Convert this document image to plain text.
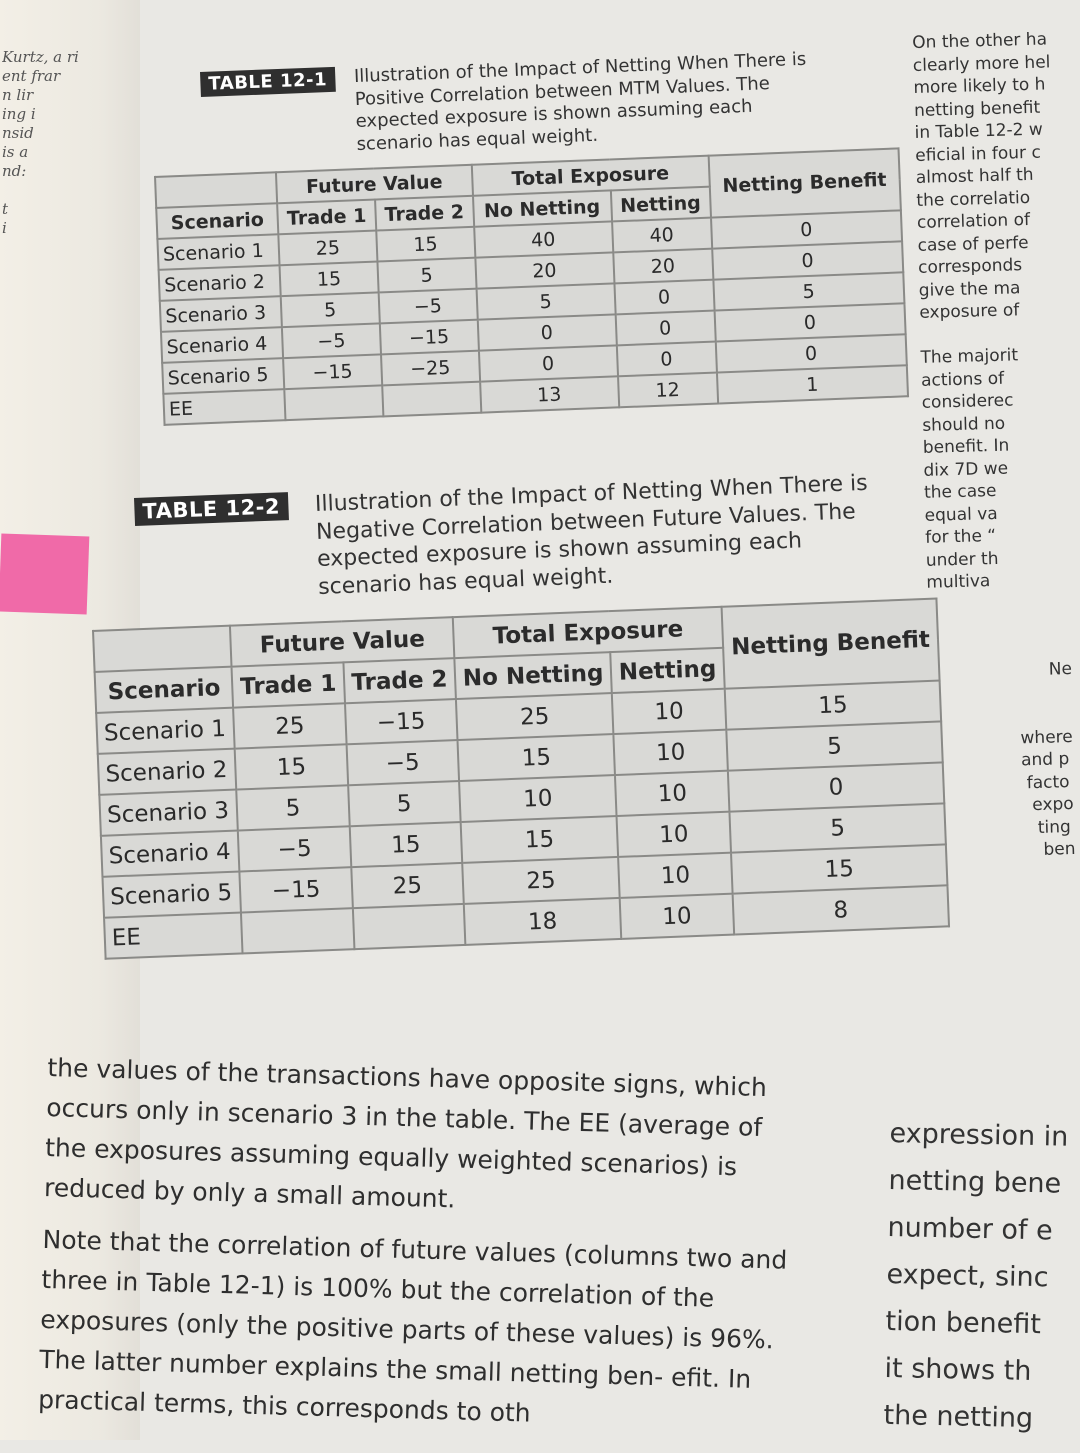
Kurtz, a ri
ent frar
n lir
ing i
nsid
is a
nd:

t
i
TABLE 12-1 Illustration of the Impact of Netting When There is Positive Correlation between MTM Values. The expected exposure is shown assuming each scenario has equal weight.
	Future Value		Total Exposure		Netting Benefit
Scenario	Trade 1	Trade 2	No Netting	Netting	
Scenario 1	25	15	40	40	0
Scenario 2	15	5	20	20	0
Scenario 3	5	−5	5	0	5
Scenario 4	−5	−15	0	0	0
Scenario 5	−15	−25	0	0	0
EE			13	12	1
TABLE 12-2 Illustration of the Impact of Netting When There is Negative Correlation between Future Values. The expected exposure is shown assuming each scenario has equal weight.
	Future Value		Total Exposure		Netting Benefit
Scenario	Trade 1	Trade 2	No Netting	Netting	
Scenario 1	25	−15	25	10	15
Scenario 2	15	−5	15	10	5
Scenario 3	5	5	10	10	0
Scenario 4	−5	15	15	10	5
Scenario 5	−15	25	25	10	15
EE			18	10	8

the values of the transactions have opposite signs, which occurs only in scenario 3 in the table. The EE (average of the exposures assuming equally weighted scenarios) is reduced by only a small amount.

Note that the correlation of future values (columns two and three in Table 12-1) is 100% but the correlation of the exposures (only the positive parts of these values) is 96%. The latter number explains the small netting ben- efit. In practical terms, this corresponds to oth

On the other ha
clearly more hel
more likely to h
netting benefit
in Table 12-2 w
eficial in four c
almost half th
the correlatio
correlation of
case of perfe
corresponds
give the ma
exposure of

The majorit
actions of
considerec
should no
benefit. In
dix 7D we
the case
equal va
for the “
under th
multiva

Ne

where
and p
facto
expo
ting
ben
expression in
netting bene
number of e
expect, sinc
tion benefit
it shows th
the netting
